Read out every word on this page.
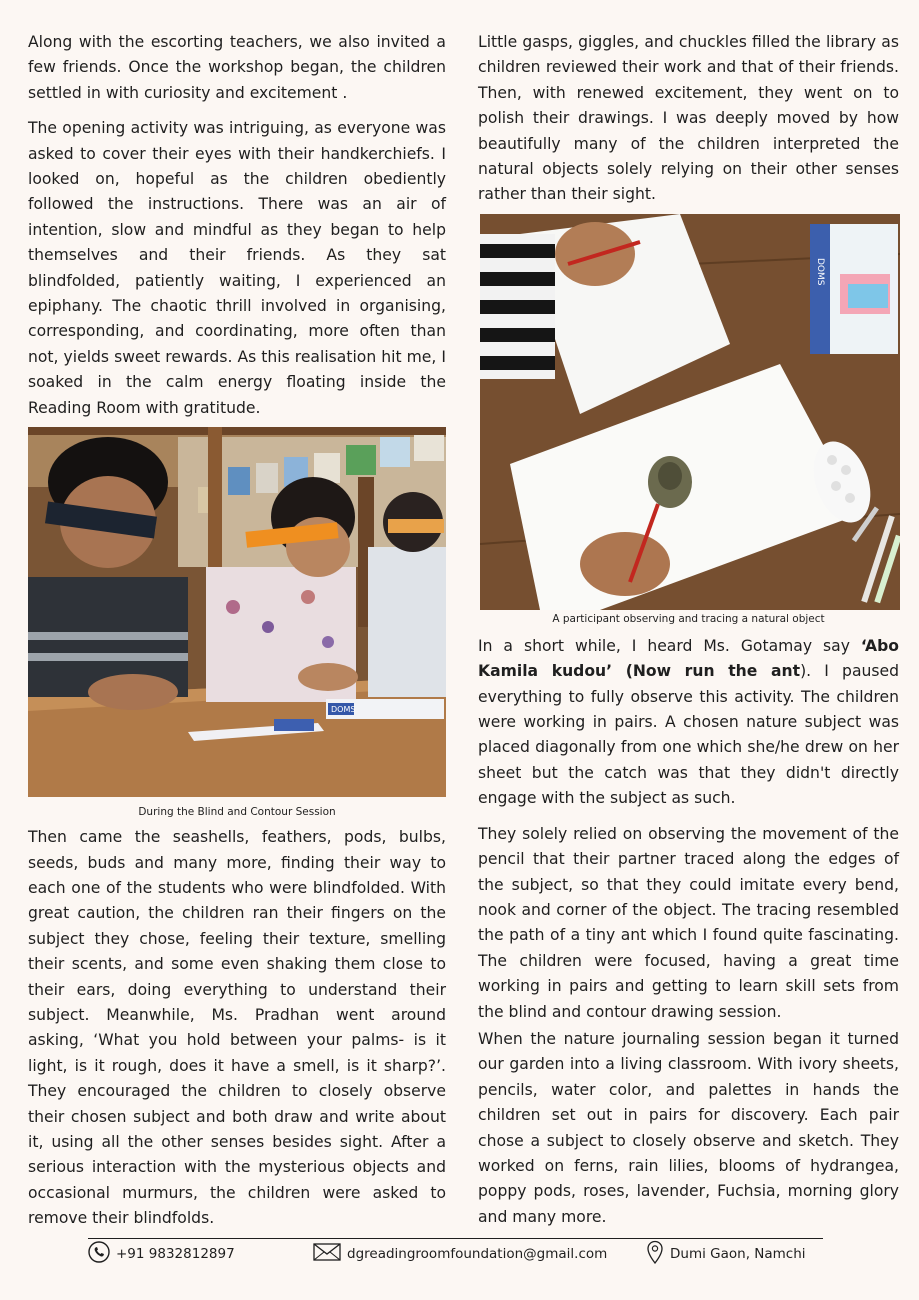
Along with the escorting teachers, we also invited a few friends. Once the workshop began, the children settled in with curiosity and excitement .

The opening activity was intriguing, as everyone was asked to cover their eyes with their handkerchiefs. I looked on, hopeful as the children obediently followed the instructions. There was an air of intention, slow and mindful as they began to help themselves and their friends. As they sat blindfolded, patiently waiting, I experienced an epiphany. The chaotic thrill involved in organising, corresponding, and coordinating, more often than not, yields sweet rewards. As this realisation hit me, I soaked in the calm energy floating inside the Reading Room with gratitude.

DOMS
During the Blind and Contour Session

Then came the seashells, feathers, pods, bulbs, seeds, buds and many more, finding their way to each one of the students who were blindfolded. With great caution, the children ran their fingers on the subject they chose, feeling their texture, smelling their scents, and some even shaking them close to their ears, doing everything to understand their subject. Meanwhile, Ms. Pradhan went around asking, ‘What you hold between your palms- is it light, is it rough, does it have a smell, is it sharp?’. They encouraged the children to closely observe their chosen subject and both draw and write about it, using all the other senses besides sight. After a serious interaction with the mysterious objects and occasional murmurs, the children were asked to remove their blindfolds.

Little gasps, giggles, and chuckles filled the library as children reviewed their work and that of their friends. Then, with renewed excitement, they went on to polish their drawings. I was deeply moved by how beautifully many of the children interpreted the natural objects solely relying on their other senses rather than their sight.

DOMS
A participant observing and tracing a natural object

In a short while, I heard Ms. Gotamay say ‘Abo Kamila kudou’ (Now run the ant). I paused everything to fully observe this activity. The children were working in pairs. A chosen nature subject was placed diagonally from one which she/he drew on her sheet but the catch was that they didn't directly engage with the subject as such.

They solely relied on observing the movement of the pencil that their partner traced along the edges of the subject, so that they could imitate every bend, nook and corner of the object. The tracing resembled the path of a tiny ant which I found quite fascinating. The children were focused, having a great time working in pairs and getting to learn skill sets from the blind and contour drawing session.

When the nature journaling session began it turned our garden into a living classroom. With ivory sheets, pencils, water color, and palettes in hands the children set out in pairs for discovery. Each pair chose a subject to closely observe and sketch. They worked on ferns, rain lilies, blooms of hydrangea, poppy pods, roses, lavender, Fuchsia, morning glory and many more.

+91 9832812897	dgreadingroomfoundation@gmail.com	Dumi Gaon, Namchi
